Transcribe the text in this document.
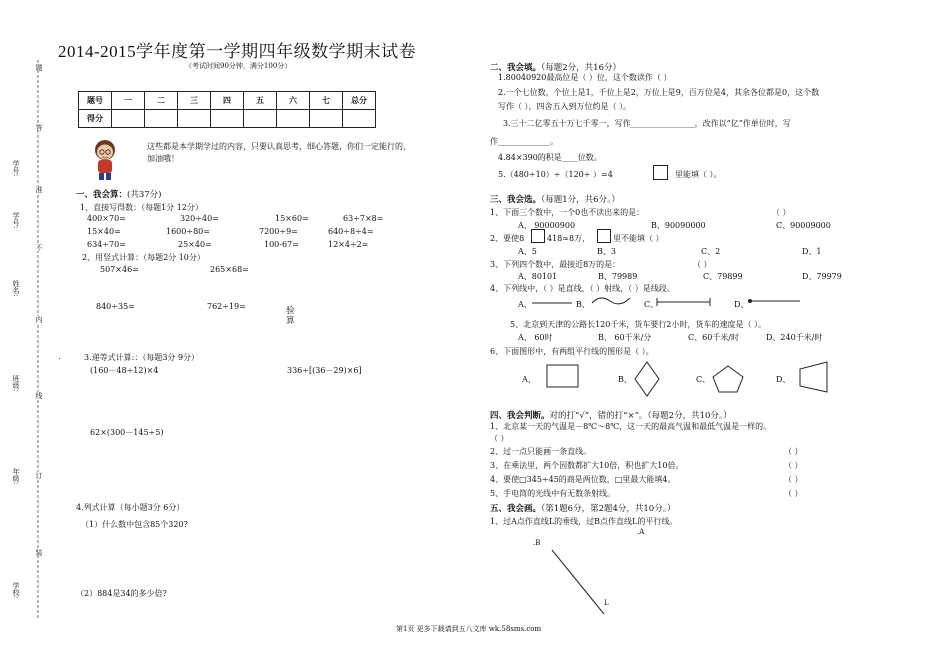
学号:
学号:
姓名:
班级:
年级:
学校:
题
答
准
不
内
线
订
装
2014-2015学年度第一学期四年级数学期末试卷
（考试时间90分钟，满分100分）
题号	一	二	三	四	五	六	七	总分
得分								
这些都是本学期学过的内容，只要认真思考，细心答题，你们一定能行的，
加油哦！
一、我会算：(共37分)
1、直接写得数：（每题1分 12分）
400×70=	320÷40=	15×60=	63÷7×8=
15×40=	1600÷80=	7200÷9=	640÷8÷4=
634÷70=	25×40=	100-67=	12×4÷2=
2、用竖式计算：（每题2分 10分）
507×46=	265×68=
840÷35=	762÷19=	验
算
.	3.递等式计算:：（每题3分 9分）
(160－48÷12)×4	336÷[(36－29)×6]
62×(300－145÷5)
4.列式计算（每小题3分 6分）
（1）什么数中包含85个320?
（2）884是34的多少倍?
二、我会填。（每题2分，共16分）
1.80040920最高位是（ ）位，这个数读作（ ）
2.一个七位数，个位上是1，千位上是2，万位上是9，百万位是4，其余各位都是0，这个数
写作（ ），四舍五入到万位约是（ ）。
3.三十二亿零五十万七千零一，写作________________，改作以“亿”作单位时，写
作_____________。
4.84×390的积是____位数。
5.（480÷10）÷（120÷ ）=4	里能填（ ）。
三、我会选。（每题1分，共6分。）
1、下面三个数中，一个0也不读出来的是：	（ ）
A、 90000900	B、90090000	C、90009000
2、要使8	418≈8万，	里不能填（ ）
A、5	B、3	C、2	D、1
3、下列四个数中，最接近8万的是：	（ ）
A、80101	B、79989	C、79899	D、79979
4、下列线中，（ ）是直线，（ ）射线，（ ）是线段。
A、	B、	C、	D、
5、北京到天津的公路长120千米，货车要行2小时，货车的速度是（ ）。
A、 60时	B、 60千米/分	C、60千米/时	D、240千米/时
6、下面图形中，有两组平行线的图形是（ ）。
A、	B、	C、	D、
四、我会判断。对的打“√”，错的打“×”。（每题2分，共10分。）
1、北京某一天的气温是－8℃～8℃，这一天的最高气温和最低气温是一样的。
（ ）
2、过一点只能画一条直线。	（ ）
3、在乘法里，两个因数都扩大10倍，积也扩大10倍。	（ ）
4、要使□345÷45的商是两位数，□里最大能填4。	（ ）
5、手电筒的光线中有无数条射线。	（ ）
五、我会画。（第1题6分，第2题4分，共10分。）
1、过A点作直线L的垂线，过B点作直线L的平行线。
.A
.B
L
第1页 更多下载请到五八文库 wk.58sms.com
